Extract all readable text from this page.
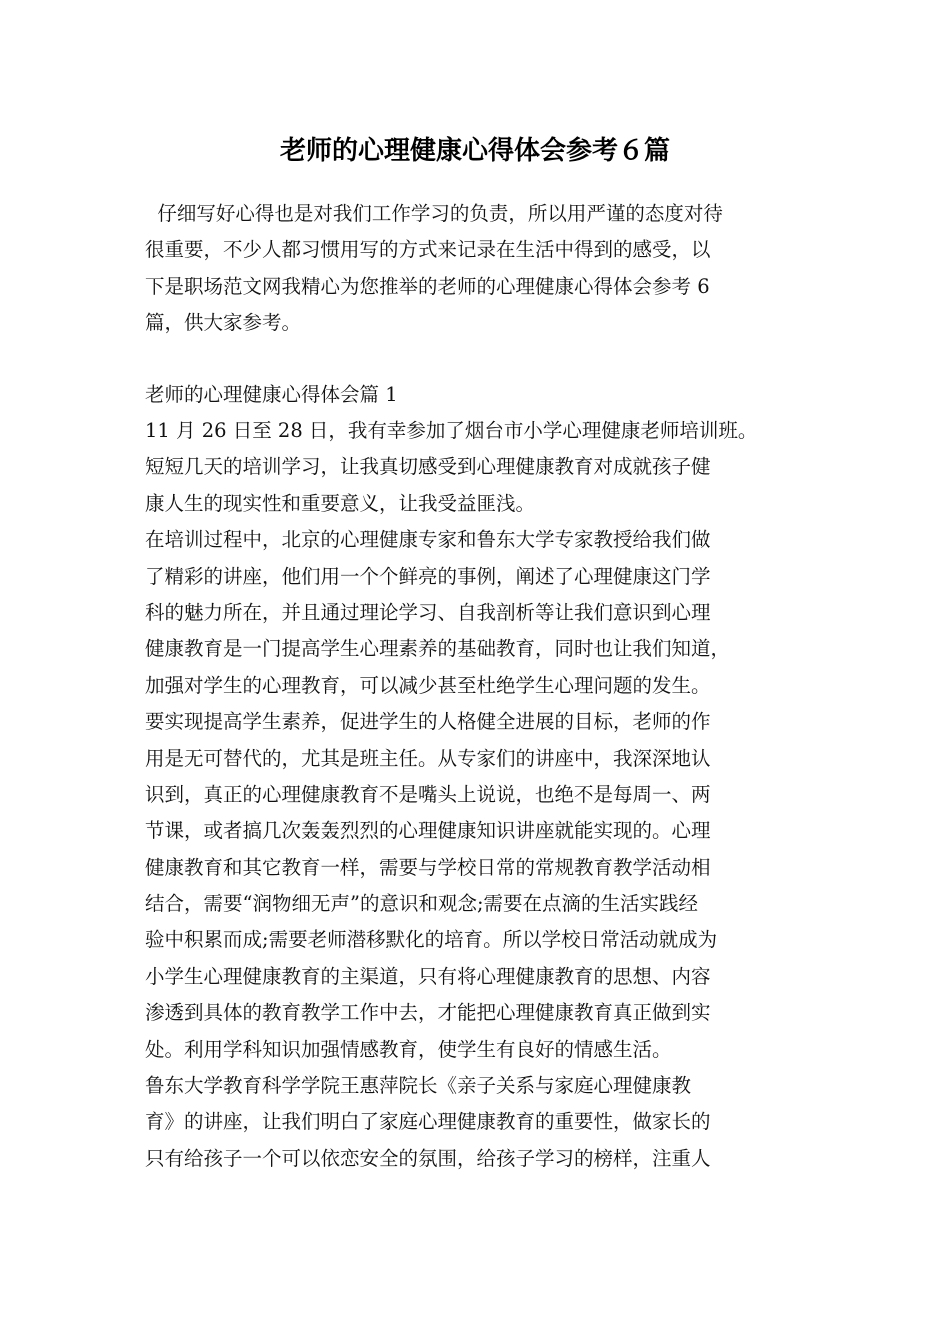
老师的心理健康心得体会参考６篇
仔细写好心得也是对我们工作学习的负责，所以用严谨的态度对待
很重要，不少人都习惯用写的方式来记录在生活中得到的感受，以
下是职场范文网我精心为您推举的老师的心理健康心得体会参考 6
篇，供大家参考。
老师的心理健康心得体会篇 1
11 月 26 日至 28 日，我有幸参加了烟台市小学心理健康老师培训班。
短短几天的培训学习，让我真切感受到心理健康教育对成就孩子健
康人生的现实性和重要意义，让我受益匪浅。
在培训过程中，北京的心理健康专家和鲁东大学专家教授给我们做
了精彩的讲座，他们用一个个鲜亮的事例，阐述了心理健康这门学
科的魅力所在，并且通过理论学习、自我剖析等让我们意识到心理
健康教育是一门提高学生心理素养的基础教育，同时也让我们知道，
加强对学生的心理教育，可以减少甚至杜绝学生心理问题的发生。
要实现提高学生素养，促进学生的人格健全进展的目标，老师的作
用是无可替代的，尤其是班主任。从专家们的讲座中，我深深地认
识到，真正的心理健康教育不是嘴头上说说，也绝不是每周一、两
节课，或者搞几次轰轰烈烈的心理健康知识讲座就能实现的。心理
健康教育和其它教育一样，需要与学校日常的常规教育教学活动相
结合，需要“润物细无声”的意识和观念;需要在点滴的生活实践经
验中积累而成;需要老师潜移默化的培育。所以学校日常活动就成为
小学生心理健康教育的主渠道，只有将心理健康教育的思想、内容
渗透到具体的教育教学工作中去，才能把心理健康教育真正做到实
处。利用学科知识加强情感教育，使学生有良好的情感生活。
鲁东大学教育科学学院王惠萍院长《亲子关系与家庭心理健康教
育》的讲座，让我们明白了家庭心理健康教育的重要性，做家长的
只有给孩子一个可以依恋安全的氛围，给孩子学习的榜样，注重人
